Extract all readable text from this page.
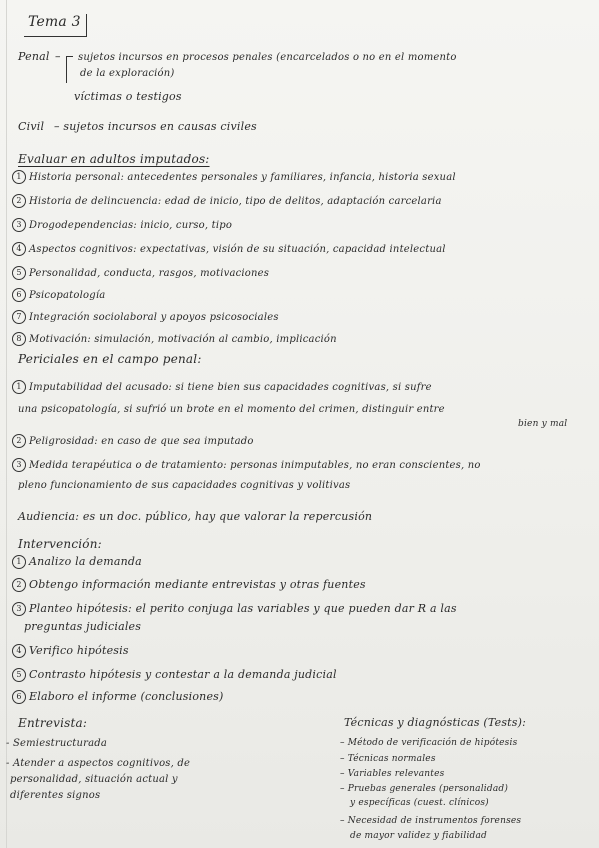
Tema 3
Penal – sujetos incursos en procesos penales (encarcelados o no en el momento
de la exploración)
víctimas o testigos
Civil – sujetos incursos en causas civiles
Evaluar en adultos imputados:
1 Historia personal: antecedentes personales y familiares, infancia, historia sexual
2 Historia de delincuencia: edad de inicio, tipo de delitos, adaptación carcelaria
3 Drogodependencias: inicio, curso, tipo
4 Aspectos cognitivos: expectativas, visión de su situación, capacidad intelectual
5 Personalidad, conducta, rasgos, motivaciones
6 Psicopatología
7 Integración sociolaboral y apoyos psicosociales
8 Motivación: simulación, motivación al cambio, implicación
Periciales en el campo penal:
1 Imputabilidad del acusado: si tiene bien sus capacidades cognitivas, si sufre
una psicopatología, si sufrió un brote en el momento del crimen, distinguir entre
bien y mal
2 Peligrosidad: en caso de que sea imputado
3 Medida terapéutica o de tratamiento: personas inimputables, no eran conscientes, no
pleno funcionamiento de sus capacidades cognitivas y volitivas
Audiencia: es un doc. público, hay que valorar la repercusión
Intervención:
1 Analizo la demanda
2 Obtengo información mediante entrevistas y otras fuentes
3 Planteo hipótesis: el perito conjuga las variables y que pueden dar R a las
preguntas judiciales
4 Verifico hipótesis
5 Contrasto hipótesis y contestar a la demanda judicial
6 Elaboro el informe (conclusiones)
Entrevista:
- Semiestructurada
- Atender a aspectos cognitivos, de
personalidad, situación actual y
diferentes signos
Técnicas y diagnósticas (Tests):
– Método de verificación de hipótesis
– Técnicas normales
– Variables relevantes
– Pruebas generales (personalidad)
y específicas (cuest. clínicos)
– Necesidad de instrumentos forenses
de mayor validez y fiabilidad
